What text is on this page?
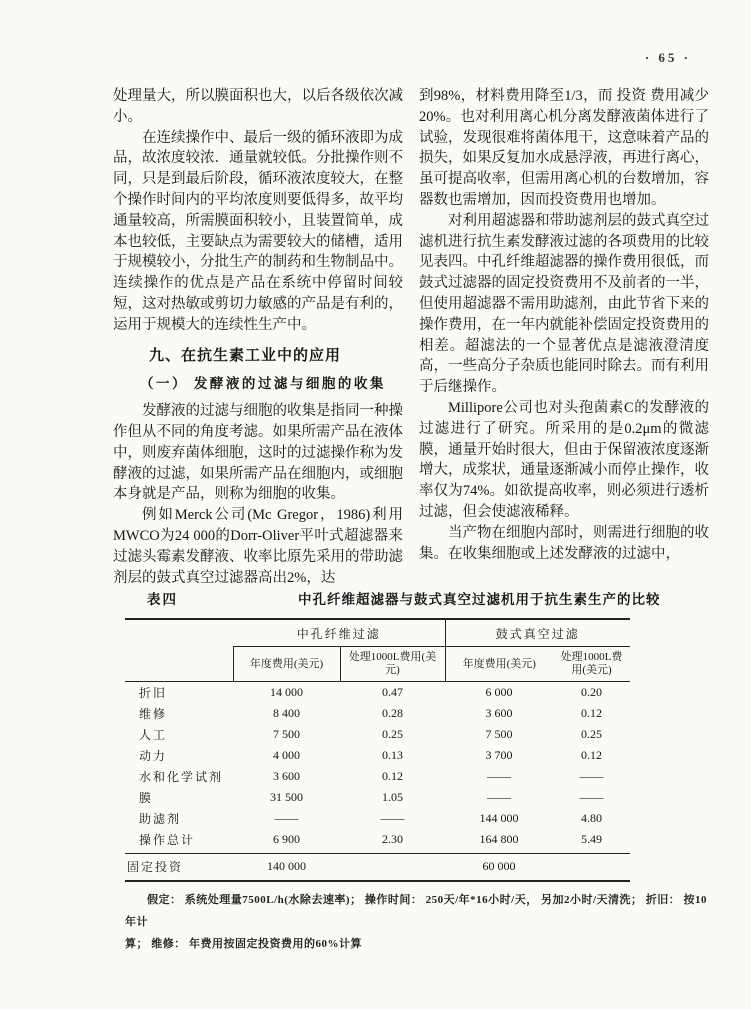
· 65 ·

处理量大，所以膜面积也大，以后各级依次减小。

在连续操作中、最后一级的循环液即为成品，故浓度较浓．通量就较低。分批操作则不同，只是到最后阶段，循环液浓度较大，在整个操作时间内的平均浓度则要低得多，故平均通量较高，所需膜面积较小，且装置简单，成本也较低，主要缺点为需要较大的储槽，适用于规模较小，分批生产的制药和生物制品中。连续操作的优点是产品在系统中停留时间较短，这对热敏或剪切力敏感的产品是有利的，运用于规模大的连续性生产中。

九、在抗生素工业中的应用
（一） 发酵液的过滤与细胞的收集

发酵液的过滤与细胞的收集是指同一种操作但从不同的角度考滤。如果所需产品在液体中，则废弃菌体细胞，这时的过滤操作称为发酵液的过滤，如果所需产品在细胞内，或细胞本身就是产品，则称为细胞的收集。

例如Merck公司(Mc Gregor，1986)利用MWCO为24 000的Dorr-Oliver平叶式超滤器来过滤头霉素发酵液、收率比原先采用的带助滤剂层的鼓式真空过滤器高出2%，达

到98%，材料费用降至1/3，而 投资 费用减少20%。也对利用离心机分离发酵液菌体进行了试验，发现很难将菌体甩干，这意味着产品的损失，如果反复加水成悬浮液，再进行离心，虽可提高收率，但需用离心机的台数增加，容器数也需增加，因而投资费用也增加。

对利用超滤器和带助滤剂层的鼓式真空过滤机进行抗生素发酵液过滤的各项费用的比较见表四。中孔纤维超滤器的操作费用很低，而鼓式过滤器的固定投资费用不及前者的一半，但使用超滤器不需用助滤剂，由此节省下来的操作费用，在一年内就能补偿固定投资费用的相差。超滤法的一个显著优点是滤液澄清度高，一些高分子杂质也能同时除去。而有利用于后继操作。

Millipore公司也对头孢菌素C的发酵液的过滤进行了研究。所采用的是0.2μm的微滤膜，通量开始时很大，但由于保留液浓度逐渐增大，成浆状，通量逐渐减小而停止操作，收率仅为74%。如欲提高收率，则必须进行透析过滤，但会使滤液稀释。

当产物在细胞内部时，则需进行细胞的收集。在收集细胞或上述发酵液的过滤中，

表四	中孔纤维超滤器与鼓式真空过滤机用于抗生素生产的比较
	中孔纤维过滤		鼓式真空过滤	
	年度费用(美元)	处理1000L费用(美元)	年度费用(美元)	处理1000L费用(美元)
折旧	14 000	0.47	6 000	0.20
维修	8 400	0.28	3 600	0.12
人工	7 500	0.25	7 500	0.25
动力	4 000	0.13	3 700	0.12
水和化学试剂	3 600	0.12	——	——
膜	31 500	1.05	——	——
助滤剂	——	——	144 000	4.80
操作总计	6 900	2.30	164 800	5.49
固定投资	140 000		60 000	
假定： 系统处理量7500L/h(水除去速率)； 操作时间： 250天/年*16小时/天， 另加2小时/天清洗； 折旧： 按10年计
算； 维修： 年费用按固定投资费用的60%计算
